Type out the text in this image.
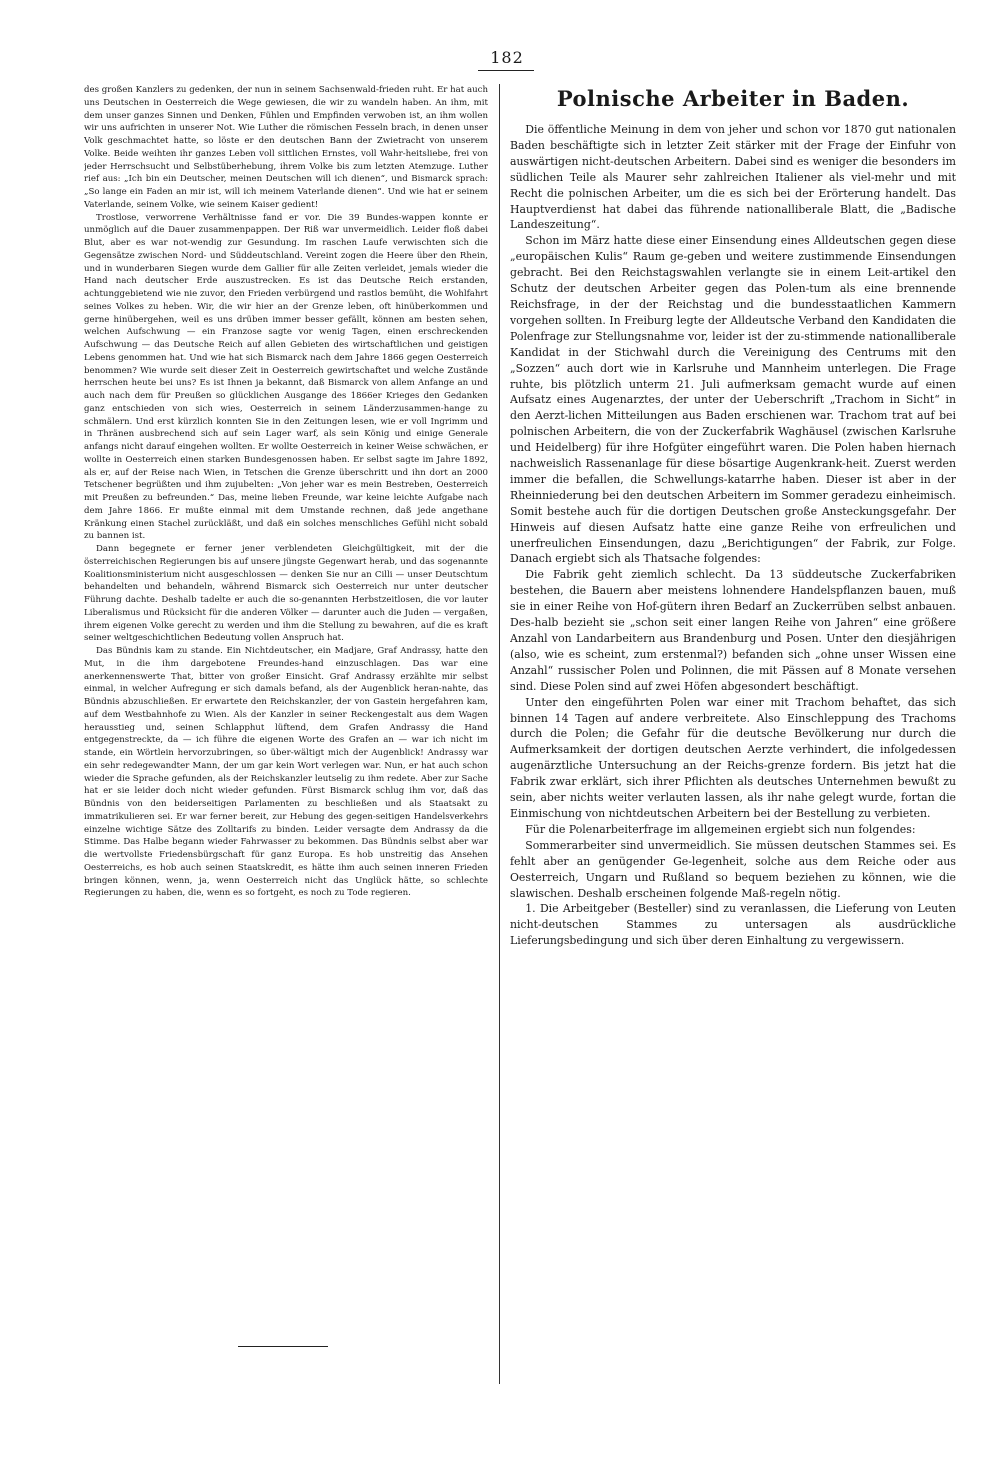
182

des großen Kanzlers zu gedenken, der nun in seinem Sachsenwald-frieden ruht. Er hat auch uns Deutschen in Oesterreich die Wege gewiesen, die wir zu wandeln haben. An ihm, mit dem unser ganzes Sinnen und Denken, Fühlen und Empfinden verwoben ist, an ihm wollen wir uns aufrichten in unserer Not. Wie Luther die römischen Fesseln brach, in denen unser Volk geschmachtet hatte, so löste er den deutschen Bann der Zwietracht von unserem Volke. Beide weihten ihr ganzes Leben voll sittlichen Ernstes, voll Wahr-heitsliebe, frei von jeder Herrschsucht und Selbstüberhebung, ihrem Volke bis zum letzten Atemzuge. Luther rief aus: „Ich bin ein Deutscher, meinen Deutschen will ich dienen“, und Bismarck sprach: „So lange ein Faden an mir ist, will ich meinem Vaterlande dienen“. Und wie hat er seinem Vaterlande, seinem Volke, wie seinem Kaiser gedient!

Trostlose, verworrene Verhältnisse fand er vor. Die 39 Bundes-wappen konnte er unmöglich auf die Dauer zusammenpappen. Der Riß war unvermeidlich. Leider floß dabei Blut, aber es war not-wendig zur Gesundung. Im raschen Laufe verwischten sich die Gegensätze zwischen Nord- und Süddeutschland. Vereint zogen die Heere über den Rhein, und in wunderbaren Siegen wurde dem Gallier für alle Zeiten verleidet, jemals wieder die Hand nach deutscher Erde auszustrecken. Es ist das Deutsche Reich erstanden, achtunggebietend wie nie zuvor, den Frieden verbürgend und rastlos bemüht, die Wohlfahrt seines Volkes zu heben. Wir, die wir hier an der Grenze leben, oft hinüberkommen und gerne hinübergehen, weil es uns drüben immer besser gefällt, können am besten sehen, welchen Aufschwung — ein Franzose sagte vor wenig Tagen, einen erschreckenden Aufschwung — das Deutsche Reich auf allen Gebieten des wirtschaftlichen und geistigen Lebens genommen hat. Und wie hat sich Bismarck nach dem Jahre 1866 gegen Oesterreich benommen? Wie wurde seit dieser Zeit in Oesterreich gewirtschaftet und welche Zustände herrschen heute bei uns? Es ist Ihnen ja bekannt, daß Bismarck von allem Anfange an und auch nach dem für Preußen so glücklichen Ausgange des 1866er Krieges den Gedanken ganz entschieden von sich wies, Oesterreich in seinem Länderzusammen-hange zu schmälern. Und erst kürzlich konnten Sie in den Zeitungen lesen, wie er voll Ingrimm und in Thränen ausbrechend sich auf sein Lager warf, als sein König und einige Generale anfangs nicht darauf eingehen wollten. Er wollte Oesterreich in keiner Weise schwächen, er wollte in Oesterreich einen starken Bundesgenossen haben. Er selbst sagte im Jahre 1892, als er, auf der Reise nach Wien, in Tetschen die Grenze überschritt und ihn dort an 2000 Tetschener begrüßten und ihm zujubelten: „Von jeher war es mein Bestreben, Oesterreich mit Preußen zu befreunden.“ Das, meine lieben Freunde, war keine leichte Aufgabe nach dem Jahre 1866. Er mußte einmal mit dem Umstande rechnen, daß jede angethane Kränkung einen Stachel zurückläßt, und daß ein solches menschliches Gefühl nicht sobald zu bannen ist.

Dann begegnete er ferner jener verblendeten Gleichgültigkeit, mit der die österreichischen Regierungen bis auf unsere jüngste Gegenwart herab, und das sogenannte Koalitionsministerium nicht ausgeschlossen — denken Sie nur an Cilli — unser Deutschtum behandelten und behandeln, während Bismarck sich Oesterreich nur unter deutscher Führung dachte. Deshalb tadelte er auch die so-genannten Herbstzeitlosen, die vor lauter Liberalismus und Rücksicht für die anderen Völker — darunter auch die Juden — vergaßen, ihrem eigenen Volke gerecht zu werden und ihm die Stellung zu bewahren, auf die es kraft seiner weltgeschichtlichen Bedeutung vollen Anspruch hat.

Das Bündnis kam zu stande. Ein Nichtdeutscher, ein Madjare, Graf Andrassy, hatte den Mut, in die ihm dargebotene Freundes-hand einzuschlagen. Das war eine anerkennenswerte That, bitter von großer Einsicht. Graf Andrassy erzählte mir selbst einmal, in welcher Aufregung er sich damals befand, als der Augenblick heran-nahte, das Bündnis abzuschließen. Er erwartete den Reichskanzler, der von Gastein hergefahren kam, auf dem Westbahnhofe zu Wien. Als der Kanzler in seiner Reckengestalt aus dem Wagen herausstieg und, seinen Schlapphut lüftend, dem Grafen Andrassy die Hand entgegenstreckte, da — ich führe die eigenen Worte des Grafen an — war ich nicht im stande, ein Wörtlein hervorzubringen, so über-wältigt mich der Augenblick! Andrassy war ein sehr redegewandter Mann, der um gar kein Wort verlegen war. Nun, er hat auch schon wieder die Sprache gefunden, als der Reichskanzler leutselig zu ihm redete. Aber zur Sache hat er sie leider doch nicht wieder gefunden. Fürst Bismarck schlug ihm vor, daß das Bündnis von den beiderseitigen Parlamenten zu beschließen und als Staatsakt zu immatrikulieren sei. Er war ferner bereit, zur Hebung des gegen-seitigen Handelsverkehrs einzelne wichtige Sätze des Zolltarifs zu binden. Leider versagte dem Andrassy da die Stimme. Das Halbe begann wieder Fahrwasser zu bekommen. Das Bündnis selbst aber war die wertvollste Friedensbürgschaft für ganz Europa. Es hob unstreitig das Ansehen Oesterreichs, es hob auch seinen Staatskredit, es hätte ihm auch seinen inneren Frieden bringen können, wenn, ja, wenn Oesterreich nicht das Unglück hätte, so schlechte Regierungen zu haben, die, wenn es so fortgeht, es noch zu Tode regieren.

Polnische Arbeiter in Baden.

Die öffentliche Meinung in dem von jeher und schon vor 1870 gut nationalen Baden beschäftigte sich in letzter Zeit stärker mit der Frage der Einfuhr von auswärtigen nicht-deutschen Arbeitern. Dabei sind es weniger die besonders im südlichen Teile als Maurer sehr zahlreichen Italiener als viel-mehr und mit Recht die polnischen Arbeiter, um die es sich bei der Erörterung handelt. Das Hauptverdienst hat dabei das führende nationalliberale Blatt, die „Badische Landeszeitung“.

Schon im März hatte diese einer Einsendung eines Alldeutschen gegen diese „europäischen Kulis“ Raum ge-geben und weitere zustimmende Einsendungen gebracht. Bei den Reichstagswahlen verlangte sie in einem Leit-artikel den Schutz der deutschen Arbeiter gegen das Polen-tum als eine brennende Reichsfrage, in der der Reichstag und die bundesstaatlichen Kammern vorgehen sollten. In Freiburg legte der Alldeutsche Verband den Kandidaten die Polenfrage zur Stellungsnahme vor, leider ist der zu-stimmende nationalliberale Kandidat in der Stichwahl durch die Vereinigung des Centrums mit den „Sozzen“ auch dort wie in Karlsruhe und Mannheim unterlegen. Die Frage ruhte, bis plötzlich unterm 21. Juli aufmerksam gemacht wurde auf einen Aufsatz eines Augenarztes, der unter der Ueberschrift „Trachom in Sicht“ in den Aerzt-lichen Mitteilungen aus Baden erschienen war. Trachom trat auf bei polnischen Arbeitern, die von der Zuckerfabrik Waghäusel (zwischen Karlsruhe und Heidelberg) für ihre Hofgüter eingeführt waren. Die Polen haben hiernach nachweislich Rassenanlage für diese bösartige Augenkrank-heit. Zuerst werden immer die befallen, die Schwellungs-katarrhe haben. Dieser ist aber in der Rheinniederung bei den deutschen Arbeitern im Sommer geradezu einheimisch. Somit bestehe auch für die dortigen Deutschen große Ansteckungsgefahr. Der Hinweis auf diesen Aufsatz hatte eine ganze Reihe von erfreulichen und unerfreulichen Einsendungen, dazu „Berichtigungen“ der Fabrik, zur Folge. Danach ergiebt sich als Thatsache folgendes:

Die Fabrik geht ziemlich schlecht. Da 13 süddeutsche Zuckerfabriken bestehen, die Bauern aber meistens lohnendere Handelspflanzen bauen, muß sie in einer Reihe von Hof-gütern ihren Bedarf an Zuckerrüben selbst anbauen. Des-halb bezieht sie „schon seit einer langen Reihe von Jahren“ eine größere Anzahl von Landarbeitern aus Brandenburg und Posen. Unter den diesjährigen (also, wie es scheint, zum erstenmal?) befanden sich „ohne unser Wissen eine Anzahl“ russischer Polen und Polinnen, die mit Pässen auf 8 Monate versehen sind. Diese Polen sind auf zwei Höfen abgesondert beschäftigt.

Unter den eingeführten Polen war einer mit Trachom behaftet, das sich binnen 14 Tagen auf andere verbreitete. Also Einschleppung des Trachoms durch die Polen; die Gefahr für die deutsche Bevölkerung nur durch die Aufmerksamkeit der dortigen deutschen Aerzte verhindert, die infolgedessen augenärztliche Untersuchung an der Reichs-grenze fordern. Bis jetzt hat die Fabrik zwar erklärt, sich ihrer Pflichten als deutsches Unternehmen bewußt zu sein, aber nichts weiter verlauten lassen, als ihr nahe gelegt wurde, fortan die Einmischung von nichtdeutschen Arbeitern bei der Bestellung zu verbieten.

Für die Polenarbeiterfrage im allgemeinen ergiebt sich nun folgendes:

Sommerarbeiter sind unvermeidlich. Sie müssen deutschen Stammes sei. Es fehlt aber an genügender Ge-legenheit, solche aus dem Reiche oder aus Oesterreich, Ungarn und Rußland so bequem beziehen zu können, wie die slawischen. Deshalb erscheinen folgende Maß-regeln nötig.

1. Die Arbeitgeber (Besteller) sind zu veranlassen, die Lieferung von Leuten nicht-deutschen Stammes zu untersagen als ausdrückliche Lieferungsbedingung und sich über deren Einhaltung zu vergewissern.
